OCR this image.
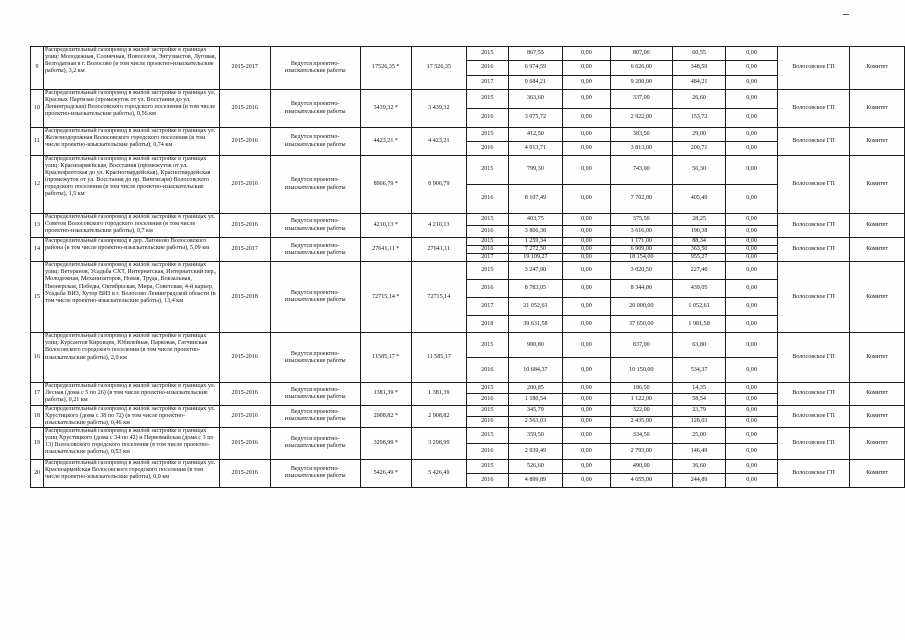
9	Распределительный газопровод в жилой застройке в границах улиц: Молодежная, Солнечная, Новоселов, Энтузиастов, Луговая, Безгодатная в г. Волосово (в том числе проектно-изыскательские работы), 3,2 км	2015-2017	Ведутся проектно-изыскательские работы	17526,35 *	17 526,35	2015	867,55	0,00	807,00	60,55	0,00	Волосовское ГП	Комитет
						2016	6 974,59	0,00	6 626,00	348,59	0,00		
						2017	9 684,21	0,00	9 200,00	484,21	0,00		
10	Распределительный газопровод в жилой застройке в границах ул. Красных Партизан (промежуток от ул. Восстания до ул. Ленинградская) Волосовского городского поселения (в том числе проектно-изыскательские работы), 0,56 км	2015-2016	Ведутся проектно-изыскательские работы	3439,32 *	3 439,32	2015	363,60	0,00	337,00	26,60	0,00	Волосовское ГП	Комитет
						2016	3 075,72	0,00	2 922,00	153,72	0,00		
11	Распределительный газопровод в жилой застройке в границах ул. Железнодорожная Волосовского городского поселения (в том числе проектно-изыскательские работы), 0,74 км	2015-2016	Ведутся проектно-изыскательские работы	4423,21 *	4 423,21	2015	412,50	0,00	383,50	29,00	0,00	Волосовское ГП	Комитет
						2016	4 013,71	0,00	3 813,00	200,71	0,00		
12	Распределительный газопровод в жилой застройке в границах улиц: Красноармейская, Восстания (промежуток от ул. Краснофлотская до ул. Красногвардейская), Красногвардейская (промежуток от ул. Восстания до пр. Вингисаря) Волосовского городского поселения (в том числе проектно-изыскательские работы), 1,5 км	2015-2016	Ведутся проектно-изыскательские работы	8906,79 *	8 906,79	2015	799,30	0,00	743,00	56,30	0,00	Волосовское ГП	Комитет
						2016	8 107,49	0,00	7 702,00	405,49	0,00		
13	Распределительный газопровод в жилой застройке в границах ул. Советов Волосовского городского поселения (в том числе проектно-изыскательские работы), 0,7 км	2015-2016	Ведутся проектно-изыскательские работы	4210,13 *	4 210,13	2015	403,75	0,00	375,50	28,25	0,00	Волосовское ГП	Комитет
						2016	3 806,38	0,00	3 616,00	190,38	0,00		
14	Распределительный газопровод в дер. Лагоново Волосовского района (в том числе проектно-изыскательские работы), 5,09 км	2015-2017	Ведутся проектно-изыскательские работы	27641,11 *	27641,11	2015	1 259,34	0,00	1 171,00	88,34	0,00	Волосовское ГП	Комитет
						2016	7 272,50	0,00	6 909,00	363,50	0,00		
						2017	19 109,27	0,00	18 154,00	955,27	0,00		
15	Распределительный газопровод в жилой застройке в границах улиц: Ветеранов, Усадьба СХТ, Интернатская, Интернатский пер., Молодежная, Механизаторов, Новая, Труда, Вокзальная, Пионерская, Победы, Октябрьская, Мира, Советская, 4-й карьер, Усадьба ВИЗ, Хутор ВИЗ в г. Волосово Ленинградской области (в том числе проектно-изыскательские работы), 13,4 км	2015-2018	Ведутся проектно-изыскательские работы	72715,14 *	72715,14	2015	3 247,90	0,00	3 020,50	227,40	0,00	Волосовское ГП	Комитет
						2016	8 783,05	0,00	8 344,00	439,05	0,00		
						2017	21 052,61	0,00	20 000,00	1 052,61	0,00		
						2018	39 631,58	0,00	37 650,00	1 981,58	0,00		
16	Распределительный газопровод в жилой застройке в границах улиц: Курсантов Кировцев, Юбилейная, Парковая, Гатчинская Волосовского городского поселения (в том числе проектно-изыскательские работы), 2,0 км	2015-2016	Ведутся проектно-изыскательские работы	11585,17 *	11 585,17	2015	900,80	0,00	837,00	63,80	0,00	Волосовское ГП	Комитет
						2016	10 684,37	0,00	10 150,00	534,37	0,00		
17	Распределительный газопровод в жилой застройке в границах ул. Лесная (дома с 5 по 26) (в том числе проектно-изыскательские работы), 0,21 км	2015-2016	Ведутся проектно-изыскательские работы	1381,39 *	1 381,39	2015	200,85	0,00	186,50	14,35	0,00	Волосовское ГП	Комитет
						2016	1 180,54	0,00	1 122,00	58,54	0,00		
18	Распределительный газопровод в жилой застройке в границах ул. Хрустицкого (дома с 38 по 72) (в том числе проектно-изыскательские работы), 0,46 км	2015-2016	Ведутся проектно-изыскательские работы	2908,82 *	2 908,82	2015	345,79	0,00	322,00	23,79	0,00	Волосовское ГП	Комитет
						2016	2 563,03	0,00	2 435,00	128,03	0,00		
19	Распределительный газопровод в жилой застройке в границах улиц Хрустицкого (дома с 34 по 42) и Первомайская (дома с 3 по 13) Волосовского городского поселения (в том числе проектно-изыскательские работы), 0,53 км	2015-2016	Ведутся проектно-изыскательские работы	3298,99 *	3 298,99	2015	359,50	0,00	334,50	25,00	0,00	Волосовское ГП	Комитет
						2016	2 939,49	0,00	2 793,00	146,49	0,00		
20	Распределительный газопровод в жилой застройке в границах ул. Красноармейская Волосовского городского поселения (в том числе проектно-изыскательские работы), 0,9 км	2015-2016	Ведутся проектно-изыскательские работы	5426,49 *	5 426,49	2015	526,60	0,00	490,00	36,60	0,00	Волосовское ГП	Комитет
						2016	4 899,89	0,00	4 655,00	244,89	0,00		
